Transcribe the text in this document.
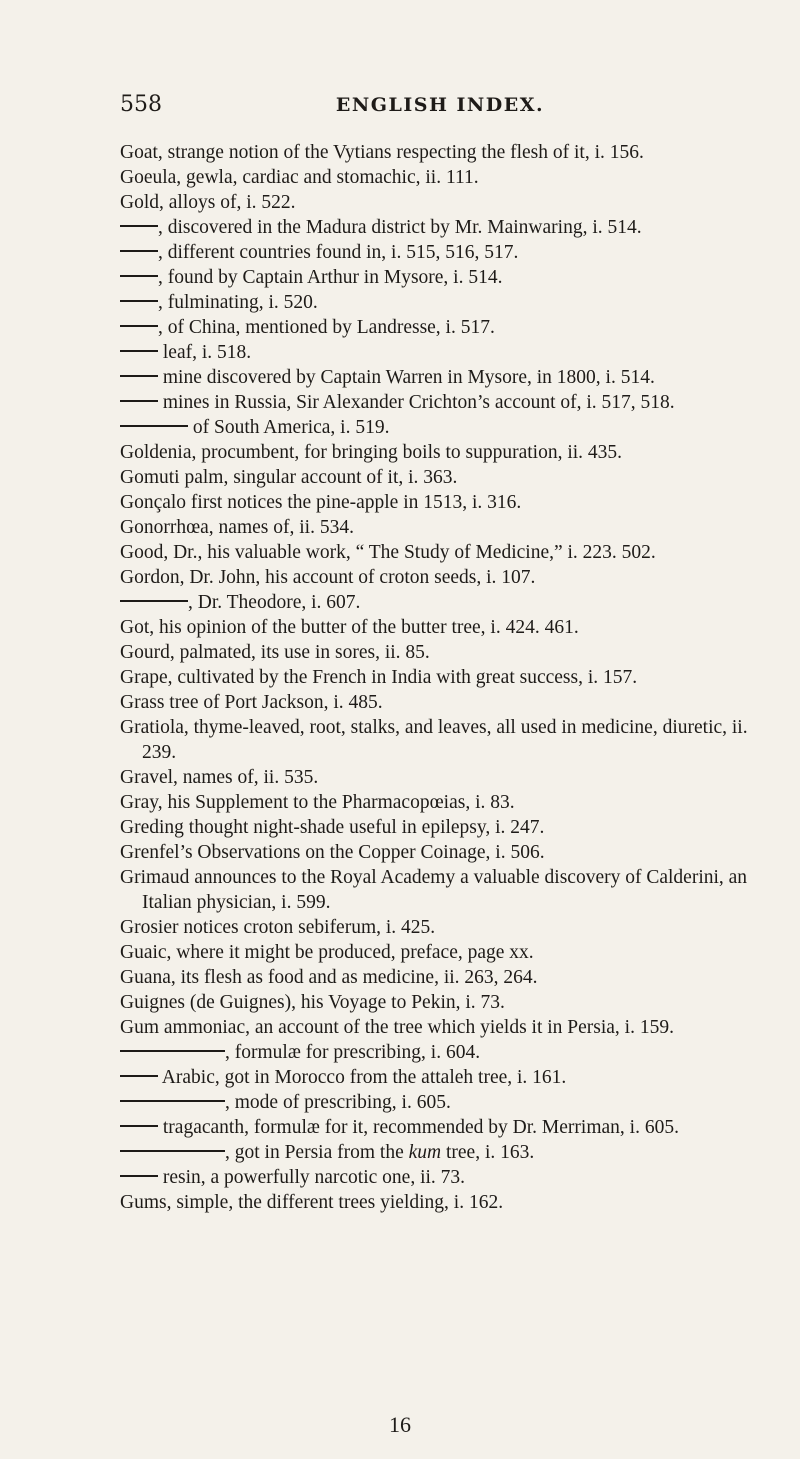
558	ENGLISH INDEX.
Goat, strange notion of the Vytians respecting the flesh of it, i. 156.
Goeula, gewla, cardiac and stomachic, ii. 111.
Gold, alloys of, i. 522.
, discovered in the Madura district by Mr. Mainwaring, i. 514.
, different countries found in, i. 515, 516, 517.
, found by Captain Arthur in Mysore, i. 514.
, fulminating, i. 520.
, of China, mentioned by Landresse, i. 517.
leaf, i. 518.
mine discovered by Captain Warren in Mysore, in 1800, i. 514.
mines in Russia, Sir Alexander Crichton’s account of, i. 517, 518.
of South America, i. 519.
Goldenia, procumbent, for bringing boils to suppuration, ii. 435.
Gomuti palm, singular account of it, i. 363.
Gonçalo first notices the pine-apple in 1513, i. 316.
Gonorrhœa, names of, ii. 534.
Good, Dr., his valuable work, “ The Study of Medicine,” i. 223. 502.
Gordon, Dr. John, his account of croton seeds, i. 107.
, Dr. Theodore, i. 607.
Got, his opinion of the butter of the butter tree, i. 424. 461.
Gourd, palmated, its use in sores, ii. 85.
Grape, cultivated by the French in India with great success, i. 157.
Grass tree of Port Jackson, i. 485.
Gratiola, thyme-leaved, root, stalks, and leaves, all used in medicine, diuretic, ii. 239.
Gravel, names of, ii. 535.
Gray, his Supplement to the Pharmacopœias, i. 83.
Greding thought night-shade useful in epilepsy, i. 247.
Grenfel’s Observations on the Copper Coinage, i. 506.
Grimaud announces to the Royal Academy a valuable discovery of Calderini, an Italian physician, i. 599.
Grosier notices croton sebiferum, i. 425.
Guaic, where it might be produced, preface, page xx.
Guana, its flesh as food and as medicine, ii. 263, 264.
Guignes (de Guignes), his Voyage to Pekin, i. 73.
Gum ammoniac, an account of the tree which yields it in Persia, i. 159.
, formulæ for prescribing, i. 604.
Arabic, got in Morocco from the attaleh tree, i. 161.
, mode of prescribing, i. 605.
tragacanth, formulæ for it, recommended by Dr. Merriman, i. 605.
, got in Persia from the kum tree, i. 163.
resin, a powerfully narcotic one, ii. 73.
Gums, simple, the different trees yielding, i. 162.
16
